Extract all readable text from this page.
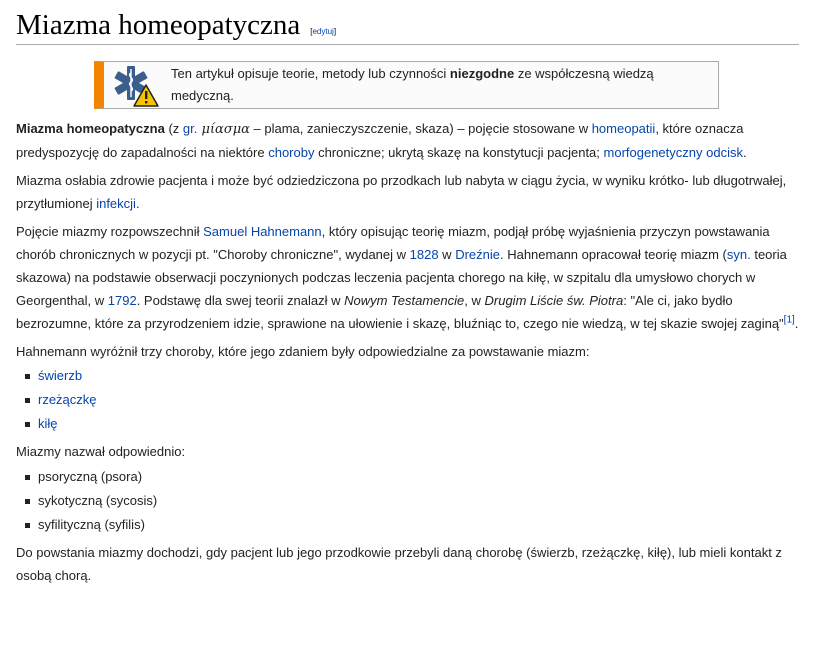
Miazma homeopatyczna [edytuj]
Ten artykuł opisuje teorie, metody lub czynności niezgodne ze współczesną wiedzą medyczną.

Miazma homeopatyczna (z gr. μίασμα – plama, zanieczyszczenie, skaza) – pojęcie stosowane w homeopatii, które oznacza predyspozycję do zapadalności na niektóre choroby chroniczne; ukrytą skazę na konstytucji pacjenta; morfogenetyczny odcisk.

Miazma osłabia zdrowie pacjenta i może być odziedziczona po przodkach lub nabyta w ciągu życia, w wyniku krótko- lub długotrwałej, przytłumionej infekcji.

Pojęcie miazmy rozpowszechnił Samuel Hahnemann, który opisując teorię miazm, podjął próbę wyjaśnienia przyczyn powstawania chorób chronicznych w pozycji pt. "Choroby chroniczne", wydanej w 1828 w Dreźnie. Hahnemann opracował teorię miazm (syn. teoria skazowa) na podstawie obserwacji poczynionych podczas leczenia pacjenta chorego na kiłę, w szpitalu dla umysłowo chorych w Georgenthal, w 1792. Podstawę dla swej teorii znalazł w Nowym Testamencie, w Drugim Liście św. Piotra: "Ale ci, jako bydło bezrozumne, które za przyrodzeniem idzie, sprawione na ułowienie i skazę, bluźniąc to, czego nie wiedzą, w tej skazie swojej zaginą"[1].

Hahnemann wyróżnił trzy choroby, które jego zdaniem były odpowiedzialne za powstawanie miazm:

świerzb
rzeżączkę
kiłę

Miazmy nazwał odpowiednio:

psoryczną (psora)
sykotyczną (sycosis)
syfilityczną (syfilis)

Do powstania miazmy dochodzi, gdy pacjent lub jego przodkowie przebyli daną chorobę (świerzb, rzeżączkę, kiłę), lub mieli kontakt z osobą chorą.
